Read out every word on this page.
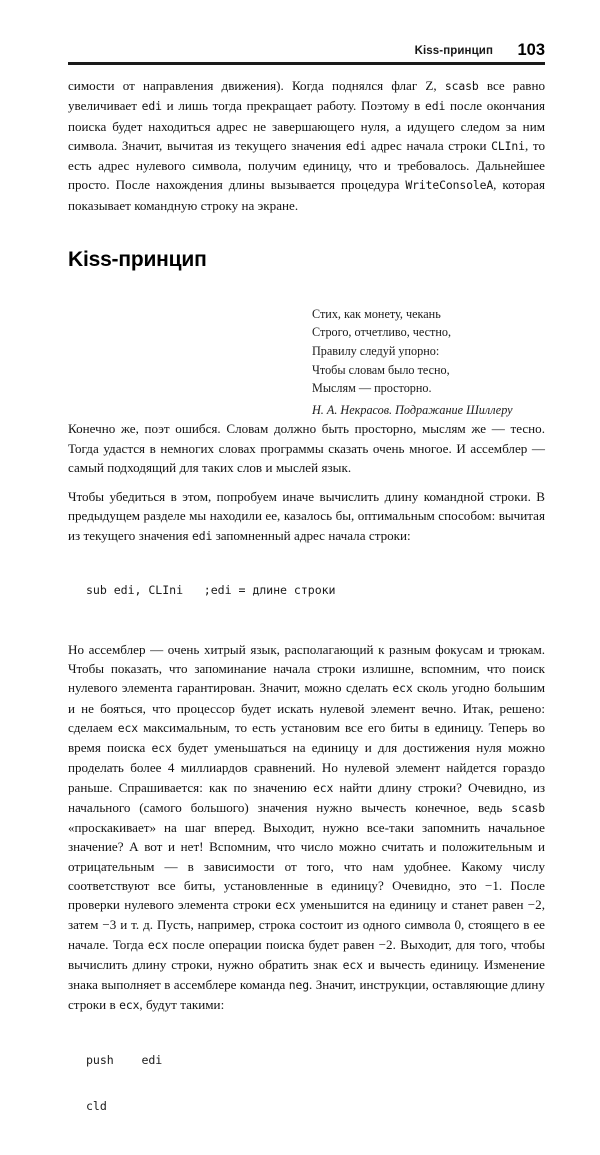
Kiss-принцип 103

симости от направления движения). Когда поднялся флаг Z, scasb все равно увеличивает edi и лишь тогда прекращает работу. Поэтому в edi после окончания поиска будет находиться адрес не завершающего нуля, а идущего следом за ним символа. Значит, вычитая из текущего значения edi адрес начала строки CLIni, то есть адрес нулевого символа, получим единицу, что и требовалось. Дальнейшее просто. После нахождения длины вызывается процедура WriteConsoleA, которая показывает командную строку на экране.

Kiss-принцип
Стих, как монету, чекань
Строго, отчетливо, честно,
Правилу следуй упорно:
Чтобы словам было тесно,
Мыслям — просторно.
Н. А. Некрасов. Подражание Шиллеру

Конечно же, поэт ошибся. Словам должно быть просторно, мыслям же — тесно. Тогда удастся в немногих словах программы сказать очень многое. И ассемблер — самый подходящий для таких слов и мыслей язык.

Чтобы убедиться в этом, попробуем иначе вычислить длину командной строки. В предыдущем разделе мы находили ее, казалось бы, оптимальным способом: вычитая из текущего значения edi запомненный адрес начала строки:

sub edi, CLIni   ;edi = длине строки

Но ассемблер — очень хитрый язык, располагающий к разным фокусам и трюкам. Чтобы показать, что запоминание начала строки излишне, вспомним, что поиск нулевого элемента гарантирован. Значит, можно сделать ecx сколь угодно большим и не бояться, что процессор будет искать нулевой элемент вечно. Итак, решено: сделаем ecx максимальным, то есть установим все его биты в единицу. Теперь во время поиска ecx будет уменьшаться на единицу и для достижения нуля можно проделать более 4 миллиардов сравнений. Но нулевой элемент найдется гораздо раньше. Спрашивается: как по значению ecx найти длину строки? Очевидно, из начального (самого большого) значения нужно вычесть конечное, ведь scasb «проскакивает» на шаг вперед. Выходит, нужно все-таки запомнить начальное значение? А вот и нет! Вспомним, что число можно считать и положительным и отрицательным — в зависимости от того, что нам удобнее. Какому числу соответствуют все биты, установленные в единицу? Очевидно, это −1. После проверки нулевого элемента строки ecx уменьшится на единицу и станет равен −2, затем −3 и т. д. Пусть, например, строка состоит из одного символа 0, стоящего в ее начале. Тогда ecx после операции поиска будет равен −2. Выходит, для того, чтобы вычислить длину строки, нужно обратить знак ecx и вычесть единицу. Изменение знака выполняет в ассемблере команда neg. Значит, инструкции, оставляющие длину строки в ecx, будут такими:

push    edi

cld
